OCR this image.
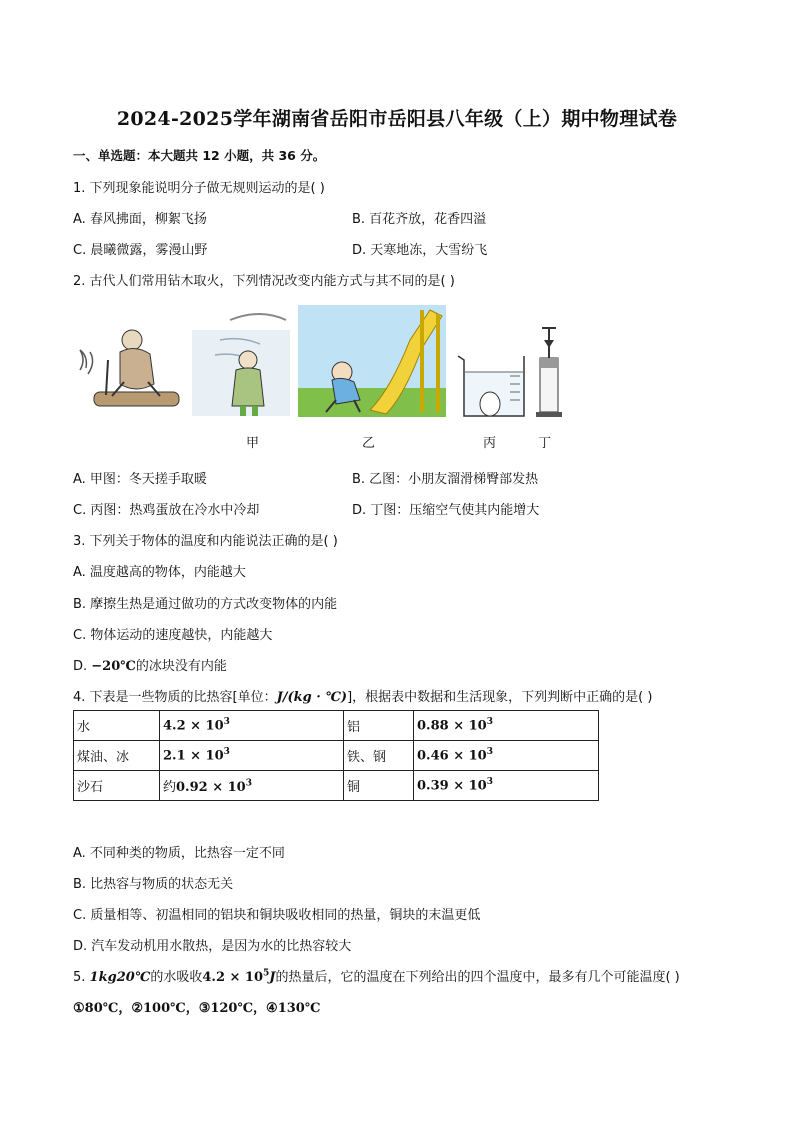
2024-2025学年湖南省岳阳市岳阳县八年级（上）期中物理试卷
一、单选题：本大题共 12 小题，共 36 分。
1. 下列现象能说明分子做无规则运动的是( )
A. 春风拂面，柳絮飞扬	B. 百花齐放，花香四溢
C. 晨曦微露，雾漫山野	D. 天寒地冻，大雪纷飞
2. 古代人们常用钻木取火，下列情况改变内能方式与其不同的是( )
甲	乙	丙	丁
A. 甲图：冬天搓手取暖	B. 乙图：小朋友溜滑梯臀部发热
C. 丙图：热鸡蛋放在冷水中冷却	D. 丁图：压缩空气使其内能增大
3. 下列关于物体的温度和内能说法正确的是( )
A. 温度越高的物体，内能越大
B. 摩擦生热是通过做功的方式改变物体的内能
C. 物体运动的速度越快，内能越大
D. −20℃的冰块没有内能
4. 下表是一些物质的比热容[单位：J/(kg · ℃)]，根据表中数据和生活现象，下列判断中正确的是( )
水	$4.2 \times 10^3$	铝	$0.88 \times 10^3$
煤油、冰	$2.1 \times 10^3$	铁、钢	$0.46 \times 10^3$
沙石	约$0.92 \times 10^3$	铜	$0.39 \times 10^3$
A. 不同种类的物质，比热容一定不同
B. 比热容与物质的状态无关
C. 质量相等、初温相同的铝块和铜块吸收相同的热量，铜块的末温更低
D. 汽车发动机用水散热，是因为水的比热容较大
5. 1kg20℃的水吸收$4.2 \times 10^5J$的热量后，它的温度在下列给出的四个温度中，最多有几个可能温度( )
①80℃，②100℃，③120℃，④130℃
